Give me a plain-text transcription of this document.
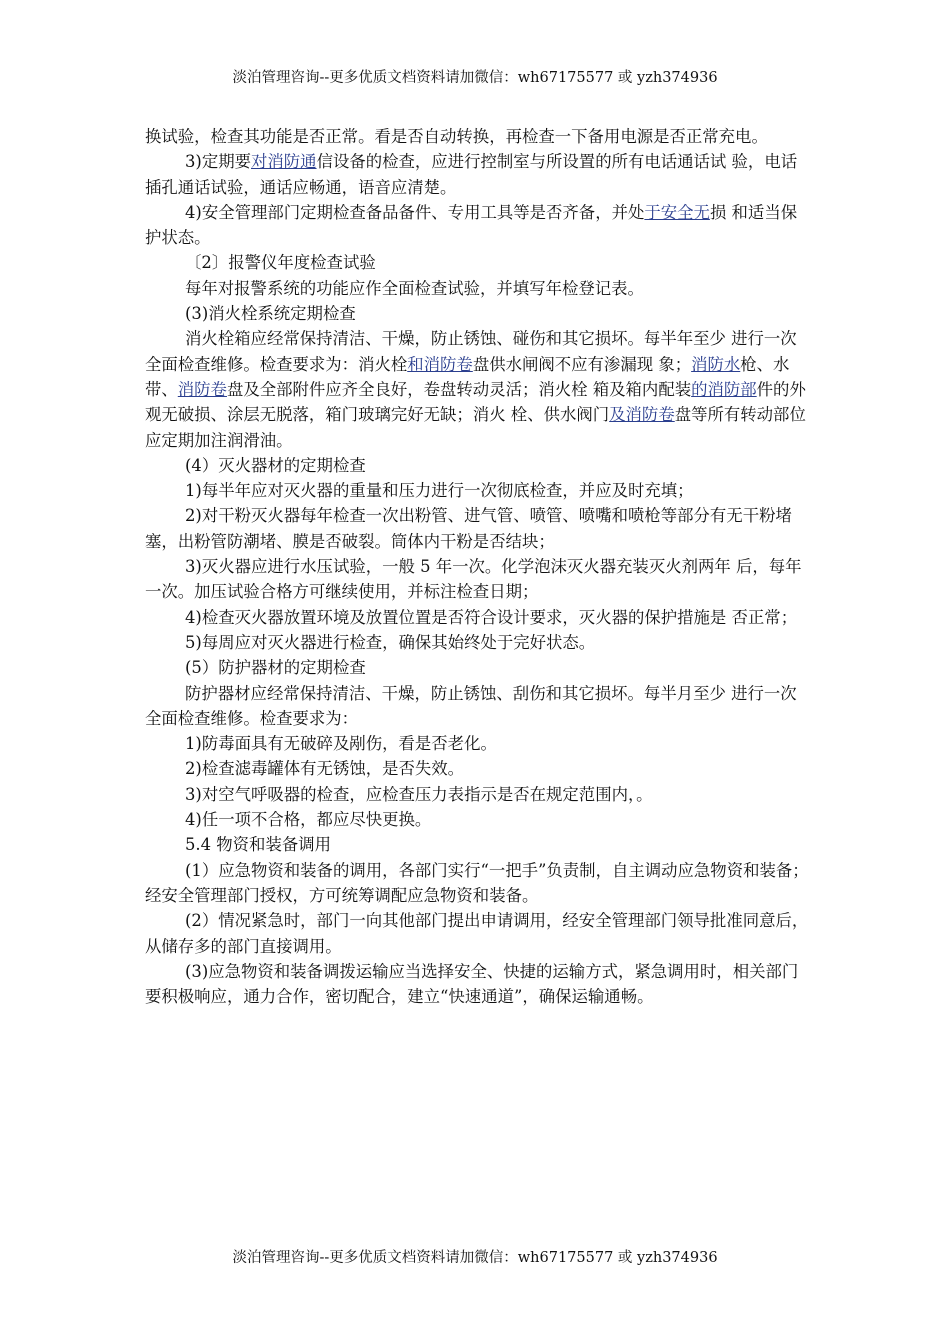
淡泊管理咨询--更多优质文档资料请加微信：wh67175577 或 yzh374936

换试验，检查其功能是否正常。看是否自动转换，再检查一下备用电源是否正常充电。

3)定期要对消防通信设备的检查，应进行控制室与所设置的所有电话通话试 验，电话插孔通话试验，通话应畅通，语音应清楚。

4)安全管理部门定期检查备品备件、专用工具等是否齐备，并处于安全无损 和适当保护状态。

〔2〕报警仪年度检查试验

每年对报警系统的功能应作全面检查试验，并填写年检登记表。

(3)消火栓系统定期检查

消火栓箱应经常保持清洁、干燥，防止锈蚀、碰伤和其它损坏。每半年至少 进行一次全面检查维修。检查要求为：消火栓和消防卷盘供水闸阀不应有渗漏现 象；消防水枪、水带、消防卷盘及全部附件应齐全良好，卷盘转动灵活；消火栓 箱及箱内配装的消防部件的外观无破损、涂层无脱落，箱门玻璃完好无缺；消火 栓、供水阀门及消防卷盘等所有转动部位应定期加注润滑油。

(4）灭火器材的定期检查

1)每半年应对灭火器的重量和压力进行一次彻底检查，并应及时充填；

2)对干粉灭火器每年检查一次出粉管、进气管、喷管、喷嘴和喷枪等部分有无干粉堵塞，出粉管防潮堵、膜是否破裂。筒体内干粉是否结块；

3)灭火器应进行水压试验，一般 5 年一次。化学泡沫灭火器充装灭火剂两年 后，每年一次。加压试验合格方可继续使用，并标注检查日期；

4)检查灭火器放置环境及放置位置是否符合设计要求，灭火器的保护措施是 否正常；

5)每周应对灭火器进行检查，确保其始终处于完好状态。

(5）防护器材的定期检查

防护器材应经常保持清洁、干燥，防止锈蚀、刮伤和其它损坏。每半月至少 进行一次全面检查维修。检查要求为：

1)防毒面具有无破碎及剐伤，看是否老化。

2)检查滤毒罐体有无锈蚀，是否失效。

3)对空气呼吸器的检查，应检查压力表指示是否在规定范围内，。

4)任一项不合格，都应尽快更换。

5.4 物资和装备调用

(1）应急物资和装备的调用，各部门实行“一把手”负责制，自主调动应急物资和装备；经安全管理部门授权，方可统筹调配应急物资和装备。

(2）情况紧急时，部门一向其他部门提出申请调用，经安全管理部门领导批准同意后，从储存多的部门直接调用。

(3)应急物资和装备调拨运输应当选择安全、快捷的运输方式，紧急调用时，相关部门要积极响应，通力合作，密切配合，建立“快速通道”，确保运输通畅。

淡泊管理咨询--更多优质文档资料请加微信：wh67175577 或 yzh374936
